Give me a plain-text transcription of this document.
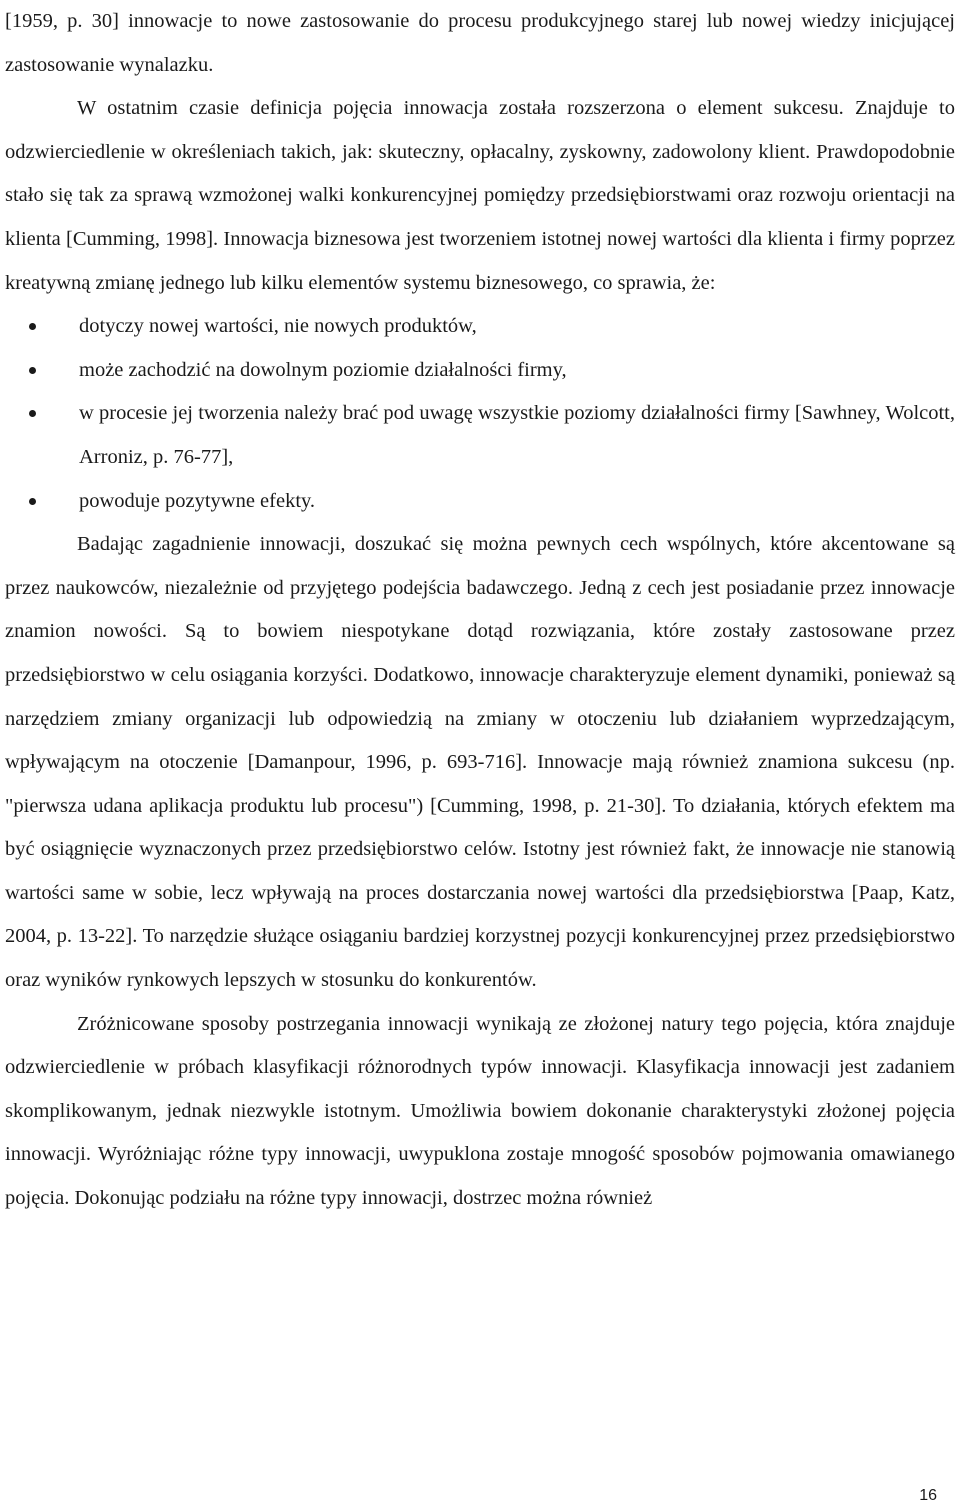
[1959, p. 30] innowacje to nowe zastosowanie do procesu produkcyjnego starej lub nowej wiedzy inicjującej zastosowanie wynalazku.

W ostatnim czasie definicja pojęcia innowacja została rozszerzona o element sukcesu. Znajduje to odzwierciedlenie w określeniach takich, jak: skuteczny, opłacalny, zyskowny, zadowolony klient. Prawdopodobnie stało się tak za sprawą wzmożonej walki konkurencyjnej pomiędzy przedsiębiorstwami oraz rozwoju orientacji na klienta [Cumming, 1998]. Innowacja biznesowa jest tworzeniem istotnej nowej wartości dla klienta i firmy poprzez kreatywną zmianę jednego lub kilku elementów systemu biznesowego, co sprawia, że:

dotyczy nowej wartości, nie nowych produktów,
może zachodzić na dowolnym poziomie działalności firmy,
w procesie jej tworzenia należy brać pod uwagę wszystkie poziomy działalności firmy [Sawhney, Wolcott, Arroniz, p. 76-77],
powoduje pozytywne efekty.

Badając zagadnienie innowacji, doszukać się można pewnych cech wspólnych, które akcentowane są przez naukowców, niezależnie od przyjętego podejścia badawczego. Jedną z cech jest posiadanie przez innowacje znamion nowości. Są to bowiem niespotykane dotąd rozwiązania, które zostały zastosowane przez przedsiębiorstwo w celu osiągania korzyści. Dodatkowo, innowacje charakteryzuje element dynamiki, ponieważ są narzędziem zmiany organizacji lub odpowiedzią na zmiany w otoczeniu lub działaniem wyprzedzającym, wpływającym na otoczenie [Damanpour, 1996, p. 693-716]. Innowacje mają również znamiona sukcesu (np. "pierwsza udana aplikacja produktu lub procesu") [Cumming, 1998, p. 21-30]. To działania, których efektem ma być osiągnięcie wyznaczonych przez przedsiębiorstwo celów. Istotny jest również fakt, że innowacje nie stanowią wartości same w sobie, lecz wpływają na proces dostarczania nowej wartości dla przedsiębiorstwa [Paap, Katz, 2004, p. 13-22]. To narzędzie służące osiąganiu bardziej korzystnej pozycji konkurencyjnej przez przedsiębiorstwo oraz wyników rynkowych lepszych w stosunku do konkurentów.

Zróżnicowane sposoby postrzegania innowacji wynikają ze złożonej natury tego pojęcia, która znajduje odzwierciedlenie w próbach klasyfikacji różnorodnych typów innowacji. Klasyfikacja innowacji jest zadaniem skomplikowanym, jednak niezwykle istotnym. Umożliwia bowiem dokonanie charakterystyki złożonej pojęcia innowacji. Wyróżniając różne typy innowacji, uwypuklona zostaje mnogość sposobów pojmowania omawianego pojęcia. Dokonując podziału na różne typy innowacji, dostrzec można również

16
